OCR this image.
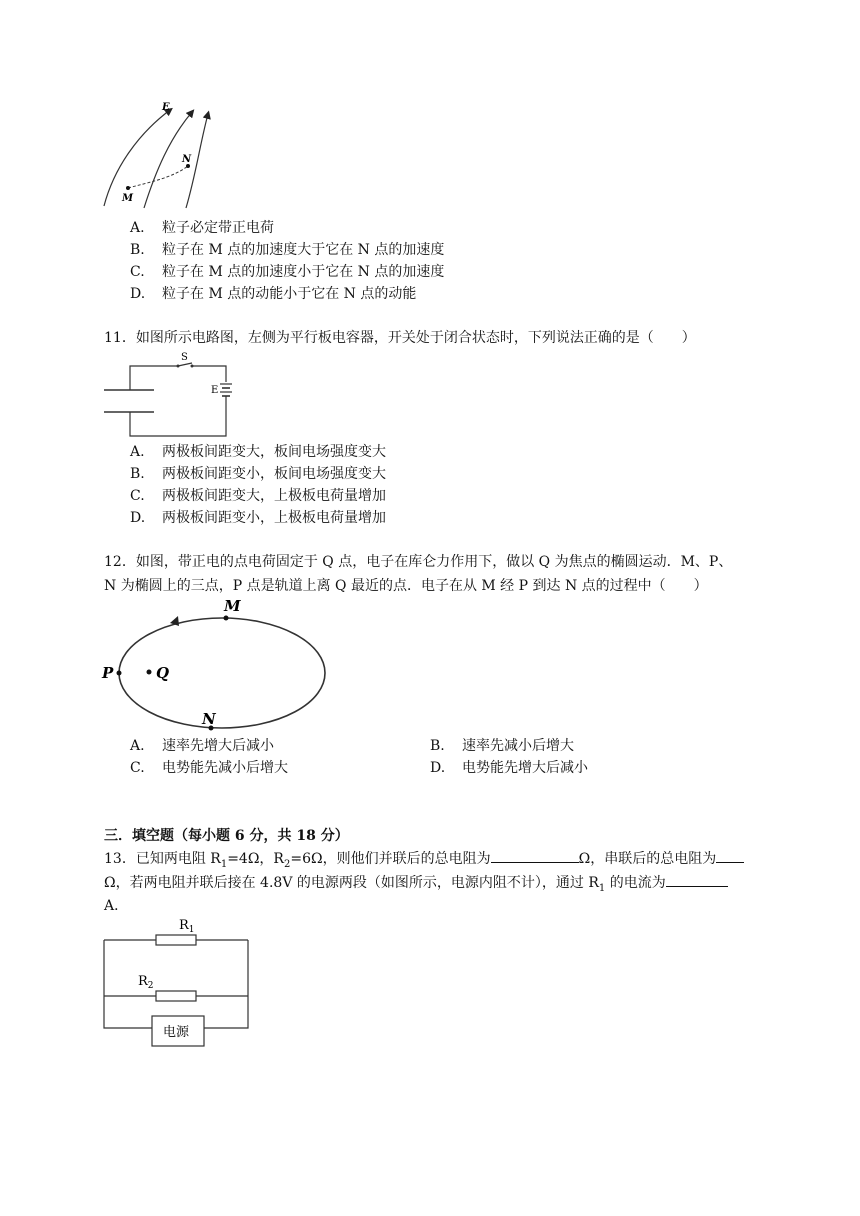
E
N
M
A. 粒子必定带正电荷
B. 粒子在 M 点的加速度大于它在 N 点的加速度
C. 粒子在 M 点的加速度小于它在 N 点的加速度
D. 粒子在 M 点的动能小于它在 N 点的动能
11．如图所示电路图，左侧为平行板电容器，开关处于闭合状态时，下列说法正确的是（　　）
S
E
A. 两极板间距变大，板间电场强度变大
B. 两极板间距变小，板间电场强度变大
C. 两极板间距变大，上极板电荷量增加
D. 两极板间距变小，上极板电荷量增加
12．如图，带正电的点电荷固定于 Q 点，电子在库仑力作用下，做以 Q 为焦点的椭圆运动．M、P、
N 为椭圆上的三点，P 点是轨道上离 Q 最近的点．电子在从 M 经 P 到达 N 点的过程中（　　）
M
P	Q
N
A. 速率先增大后减小	B. 速率先减小后增大
C. 电势能先减小后增大	D. 电势能先增大后减小
三．填空题（每小题 6 分，共 18 分）
13．已知两电阻 $R_1=4\Omega$，$R_2=6\Omega$，则他们并联后的总电阻为	Ω，串联后的总电阻为
Ω，若两电阻并联后接在 4.8V 的电源两段（如图所示，电源内阻不计），通过 $R_1$ 的电流为
A．
电源
$R_1$
$R_2$
